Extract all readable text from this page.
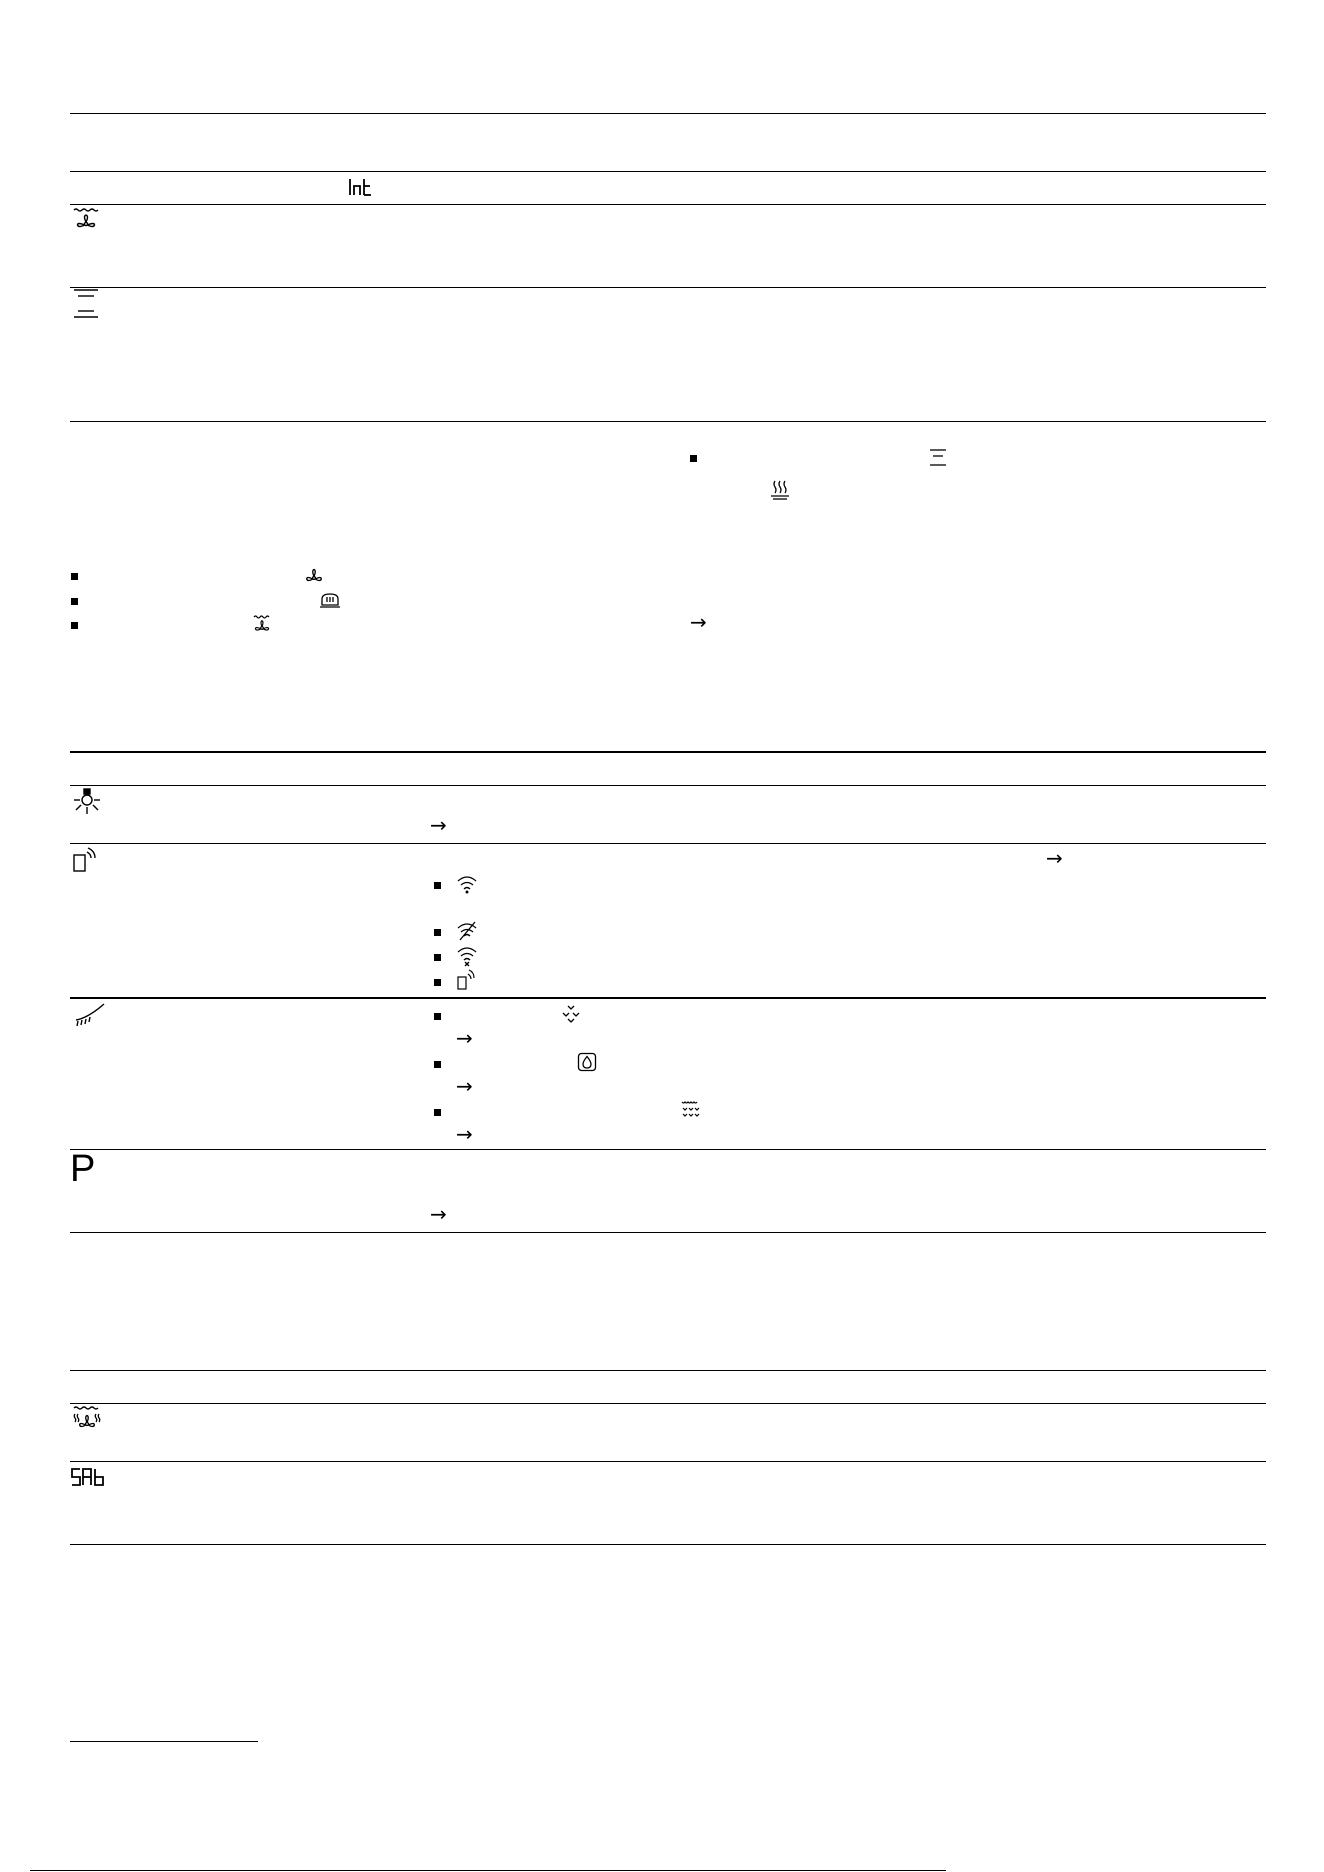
→
→
→
→
→
→
P
→
